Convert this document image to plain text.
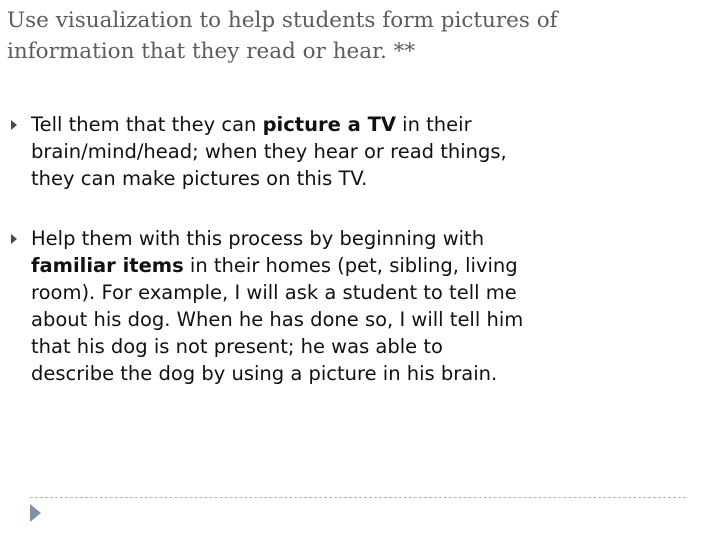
Use visualization to help students form pictures of
information that they read or hear. **
Tell them that they can picture a TV in their brain/mind/head; when they hear or read things, they can make pictures on this TV.
Help them with this process by beginning with familiar items in their homes (pet, sibling, living room). For example, I will ask a student to tell me about his dog. When he has done so, I will tell him that his dog is not present; he was able to describe the dog by using a picture in his brain.
